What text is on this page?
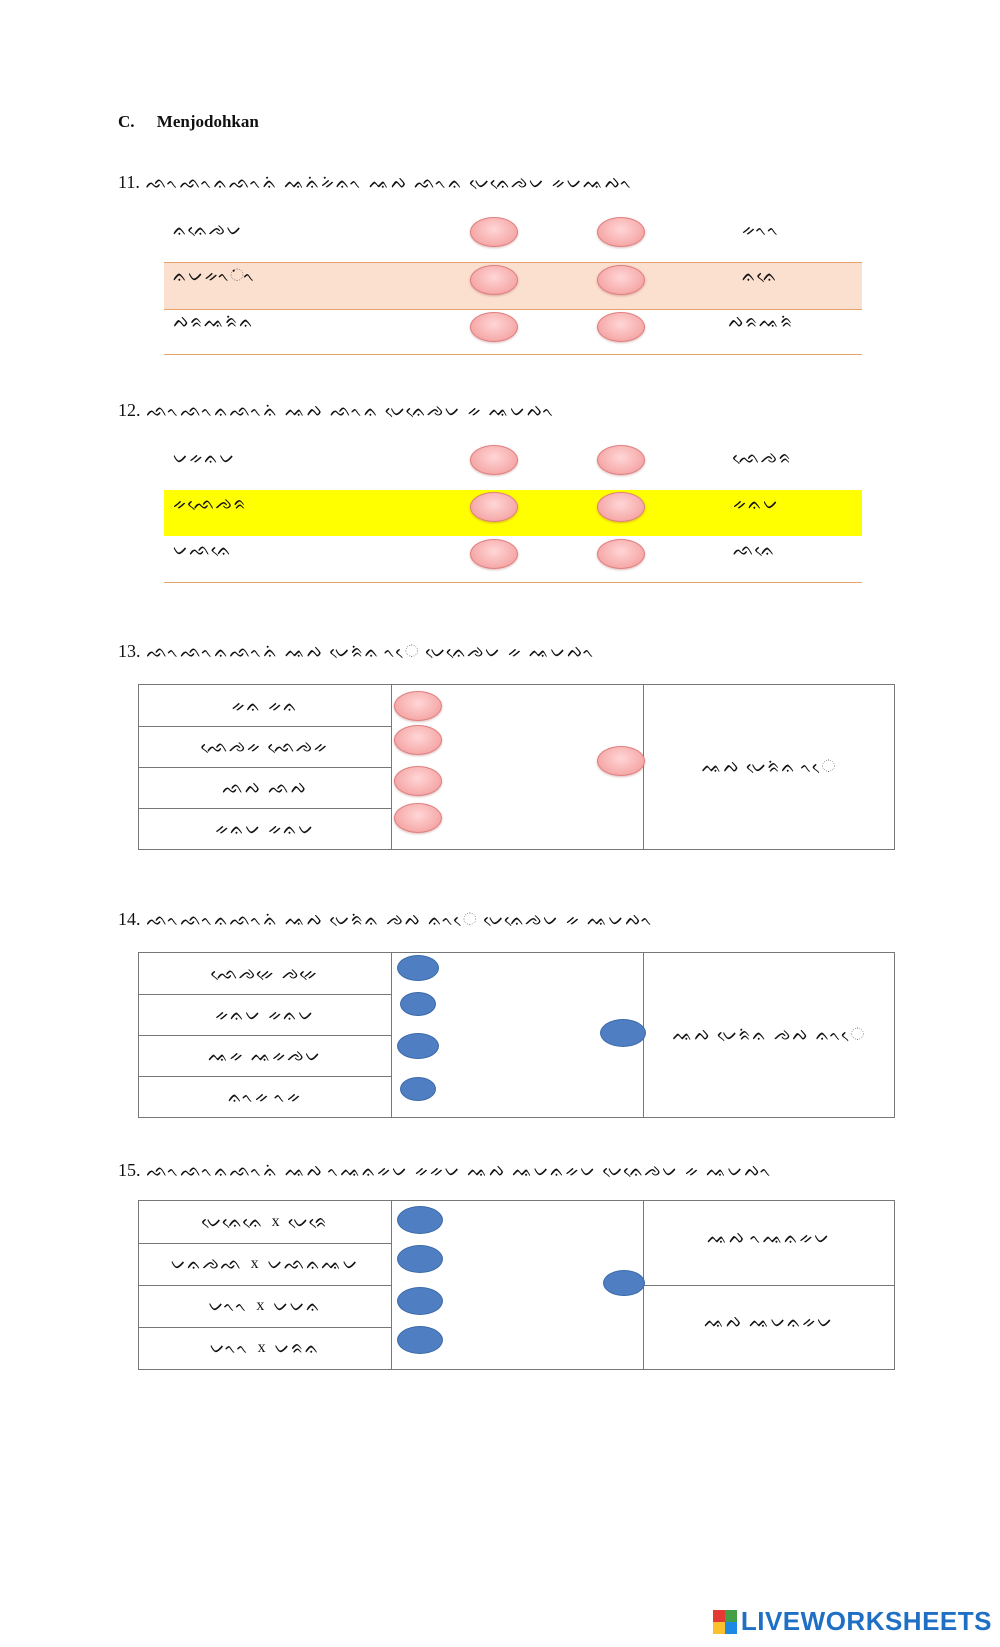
C. Menjodohkan
11. ᨒᨚᨒᨚᨊᨒᨚᨊᨗ ᨕᨊᨗᨀᨗᨊᨚ ᨕᨄ ᨒᨚᨊ ᨆᨙᨊᨙᨌᨆ ᨀᨆᨕᨄᨚ
ᨊᨊᨙᨌᨆ
ᨊᨆᨀᨚᨗᨚ
ᨄᨑᨕᨑᨗᨊ
ᨀᨚᨚ
ᨊᨊᨙ
ᨄᨑᨕᨑᨗ
12. ᨒᨚᨒᨚᨊᨒᨚᨊᨗ ᨕᨄ ᨒᨚᨊ ᨆᨙᨊᨙᨌᨆ ᨀ ᨕᨆᨄᨚ
ᨆᨀᨊᨆ
ᨀᨒᨙᨌᨑ
ᨆᨒᨊᨙ
ᨒᨙᨌᨑ
ᨀᨊᨆ
ᨒᨊᨙ
13. ᨒᨚᨒᨚᨊᨒᨚᨊᨗ ᨕᨄ ᨆᨙᨑᨗᨊ ᨚᨙ ᨆᨙᨊᨙᨌᨆ ᨀ ᨕᨆᨄᨚ
ᨀᨊ ᨀᨊ
ᨒᨙᨌᨀ ᨒᨙᨌᨀ
ᨒᨄ ᨒᨄ
ᨀᨊᨆ ᨀᨊᨆ
ᨕᨄ ᨆᨙᨑᨗᨊ ᨚᨙ
14. ᨒᨚᨒᨚᨊᨒᨚᨊᨗ ᨕᨄ ᨆᨙᨑᨗᨊ ᨌᨄ ᨊᨚᨙ ᨆᨙᨊᨙᨌᨆ ᨀ ᨕᨆᨄᨚ
ᨒᨙᨌᨀᨙ ᨌᨀᨙ
ᨀᨊᨆ ᨀᨊᨆ
ᨕᨀ ᨕᨀᨌᨆ
ᨊᨚᨀ ᨚᨀ
ᨕᨄ ᨆᨙᨑᨗᨊ ᨌᨄ ᨊᨚᨙ
15. ᨒᨚᨒᨚᨊᨒᨚᨊᨗ ᨕᨄ ᨚᨕᨊᨀᨆ ᨀᨀᨆ ᨕᨄ ᨕᨆᨊᨀᨆ ᨆᨙᨊᨙᨌᨆ ᨀ ᨕᨆᨄᨚ
ᨆᨙᨊᨙᨊᨙ x ᨆᨙᨑᨙ
ᨆᨊᨌᨒ x ᨆᨒᨊᨕᨆ
ᨆᨚᨚ x ᨆᨆᨊ
ᨆᨚᨚ x ᨆᨑᨊ
ᨕᨄ ᨚᨕᨊᨀᨆ
ᨕᨄ ᨕᨆᨊᨀᨆ
LIVEWORKSHEETS
